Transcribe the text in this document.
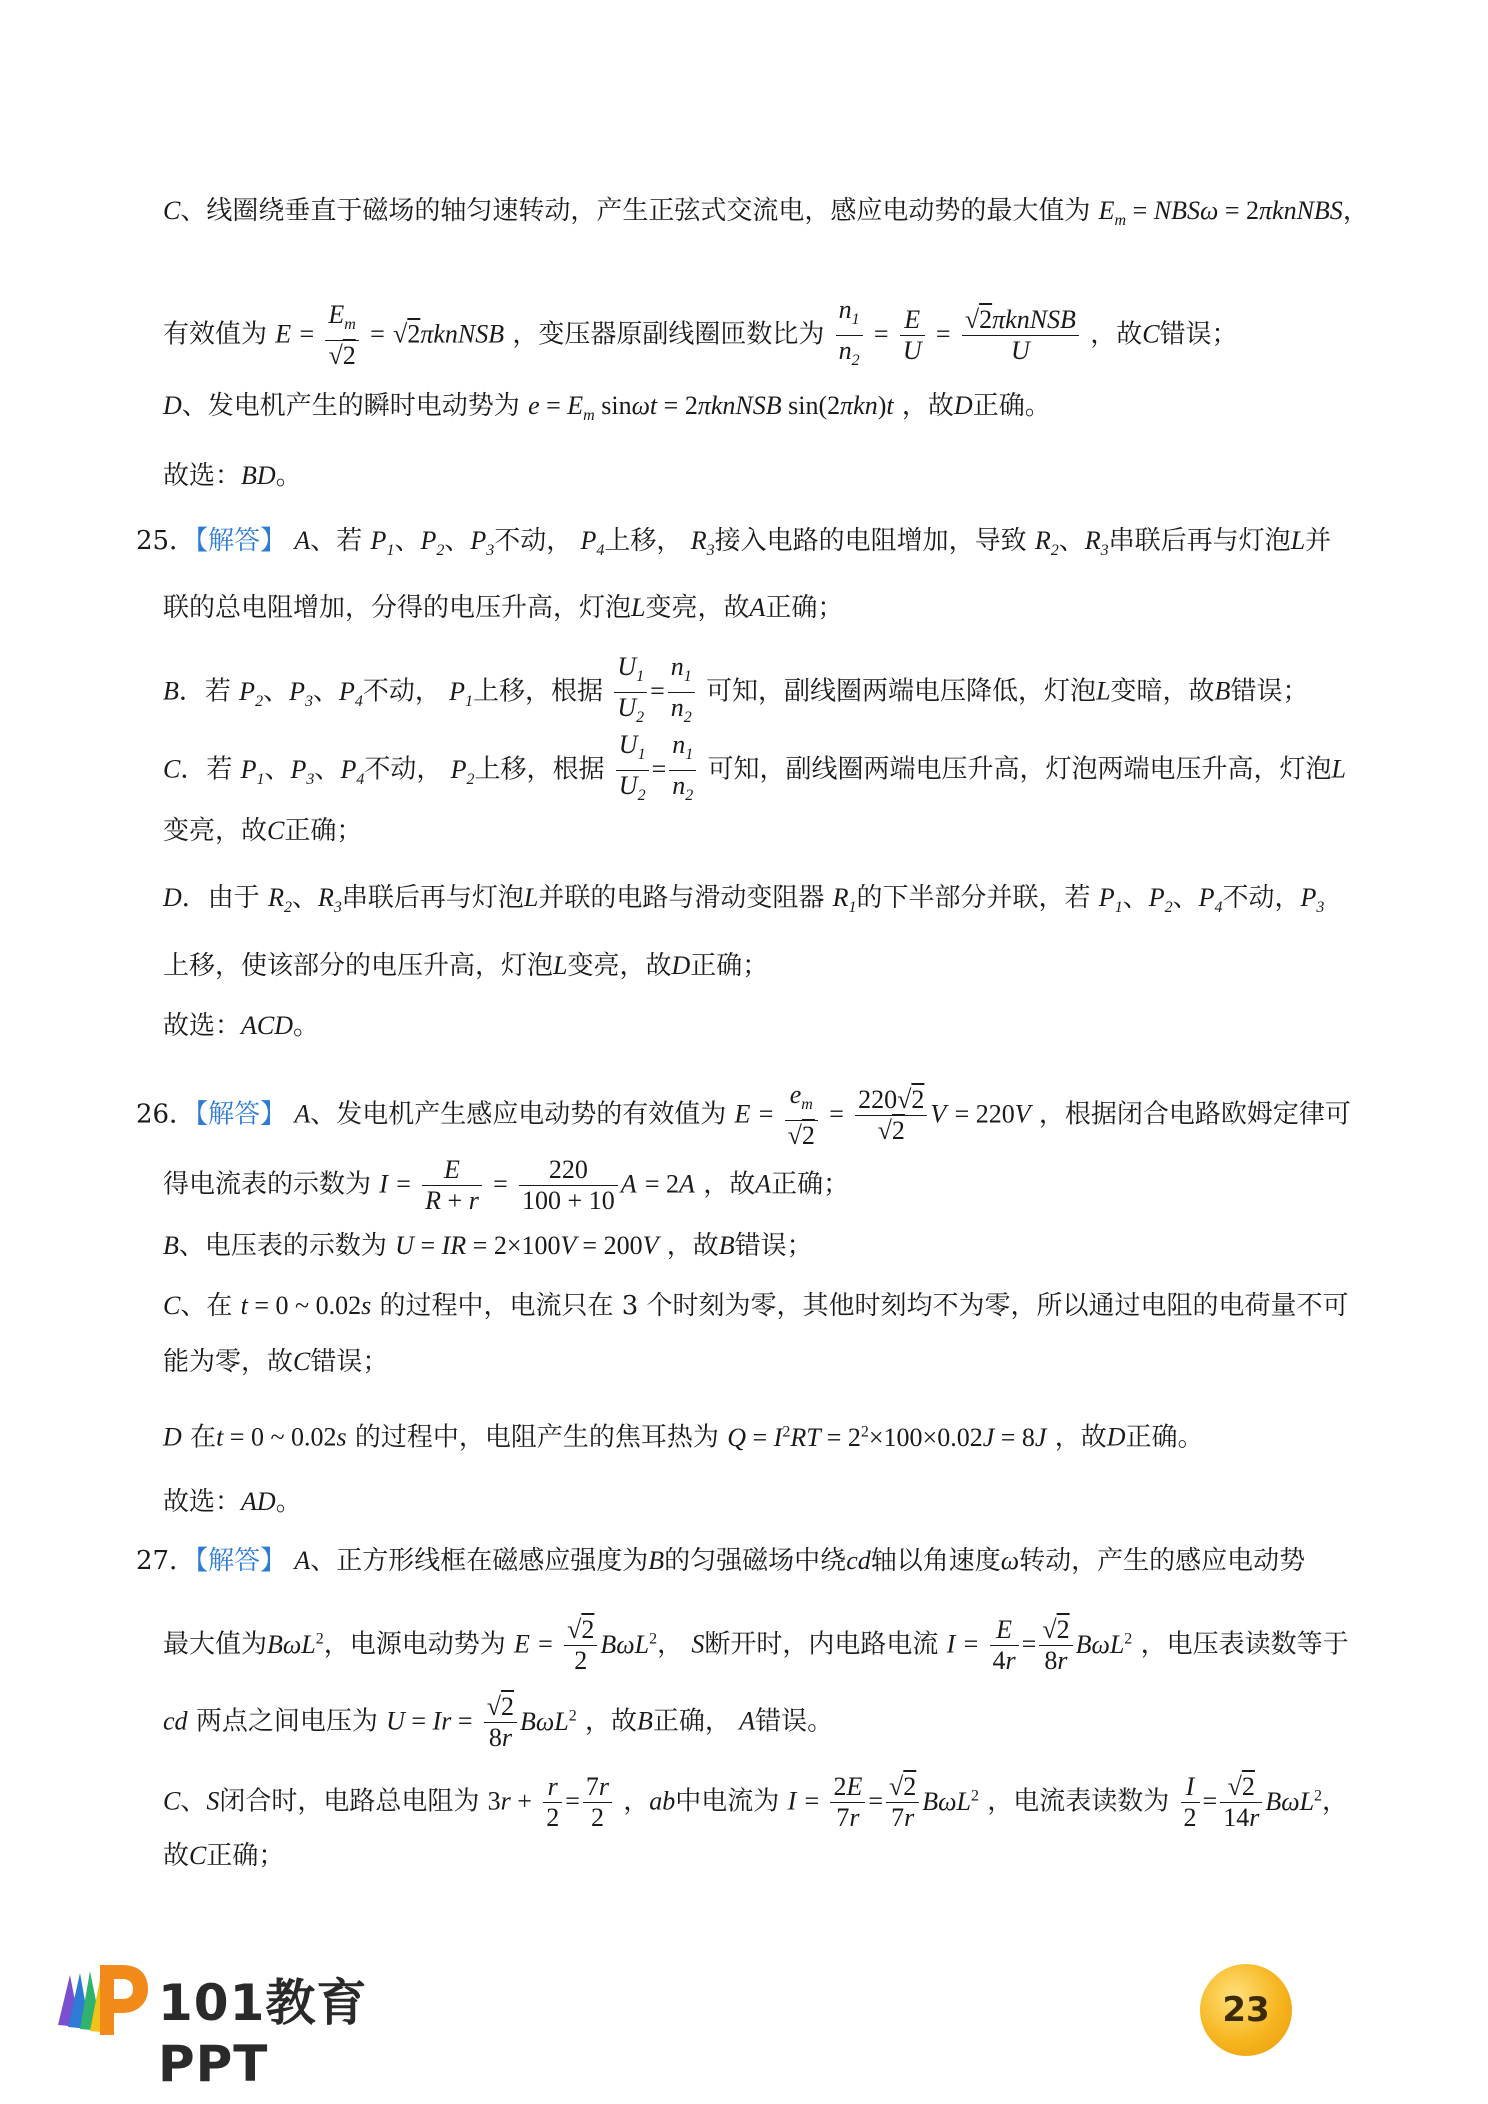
C、线圈绕垂直于磁场的轴匀速转动，产生正弦式交流电，感应电动势的最大值为 $E_m = NBS\omega$ = 2πknNBS，
有效值为 $E = \frac{E_m}{√2}$ = √2πknNSB ，变压器原副线圈匝数比为 $\frac{n_1}{n_2} = \frac{E}{U} = \frac{\text{√2πknNSB}}{U}$ ，故C错误；
D、发电机产生的瞬时电动势为 $e = E_m$ sinωt = 2πknNSB sin(2πkn)t ，故D正确。
故选：BD。
25．【解答】 A、若 $P_1$、$P_2$、$P_3$不动， $P_4$上移， $R_3$接入电路的电阻增加，导致 $R_2$、$R_3$串联后再与灯泡L并
联的总电阻增加，分得的电压升高，灯泡L变亮，故A正确；
B．若 $P_2$、$P_3$、$P_4$不动， $P_1$上移，根据 $\frac{U_1}{U_2} = \frac{n_1}{n_2}$ 可知，副线圈两端电压降低，灯泡L变暗，故B错误；
C．若 $P_1$、$P_3$、$P_4$不动， $P_2$上移，根据 $\frac{U_1}{U_2} = \frac{n_1}{n_2}$ 可知，副线圈两端电压升高，灯泡两端电压升高，灯泡L
变亮，故C正确；
D．由于 $R_2$、$R_3$串联后再与灯泡L并联的电路与滑动变阻器 $R_1$的下半部分并联，若 $P_1$、$P_2$、$P_4$不动，$P_3$
上移，使该部分的电压升高，灯泡L变亮，故D正确；
故选：ACD。
26．【解答】 A、发电机产生感应电动势的有效值为 $E = \frac{e_m}{√2} = \frac{220√2}{√2}$ V = 220V ，根据闭合电路欧姆定律可
得电流表的示数为 $I = \frac{E}{R + r} = \frac{220}{100 + 10}$ A = 2A ，故A正确；
B、电压表的示数为 U = IR = 2×100V = 200V ，故B错误；
C、在 t = 0 ~ 0.02s 的过程中，电流只在 3 个时刻为零，其他时刻均不为零，所以通过电阻的电荷量不可
能为零，故C错误；
D 在t = 0 ~ 0.02s 的过程中，电阻产生的焦耳热为 $Q = I^2RT = 2^2\times 100\times 0.02J = 8J$ ，故D正确。
故选：AD。
27．【解答】 A、正方形线框在磁感应强度为B的匀强磁场中绕cd轴以角速度ω转动，产生的感应电动势
最大值为BωL$^2$，电源电动势为 $E = \frac{√2}{2} B\omega L^2$， S断开时，内电路电流 $I = \frac{E}{4r} = \frac{√2}{8r} B\omega L^2$ ，电压表读数等于
cd 两点之间电压为 $U = Ir = \frac{√2}{8r} B\omega L^2$ ，故B正确， A错误。
C、S闭合时，电路总电阻为 $3r + \frac{r}{2} = \frac{7r}{2}$ ，ab中电流为 $I = \frac{2E}{7r} = \frac{√2}{7r} B\omega L^2$ ，电流表读数为 $\frac{I}{2} = \frac{√2}{14r} B\omega L^2$，
故C正确；
101教育PPT
23
